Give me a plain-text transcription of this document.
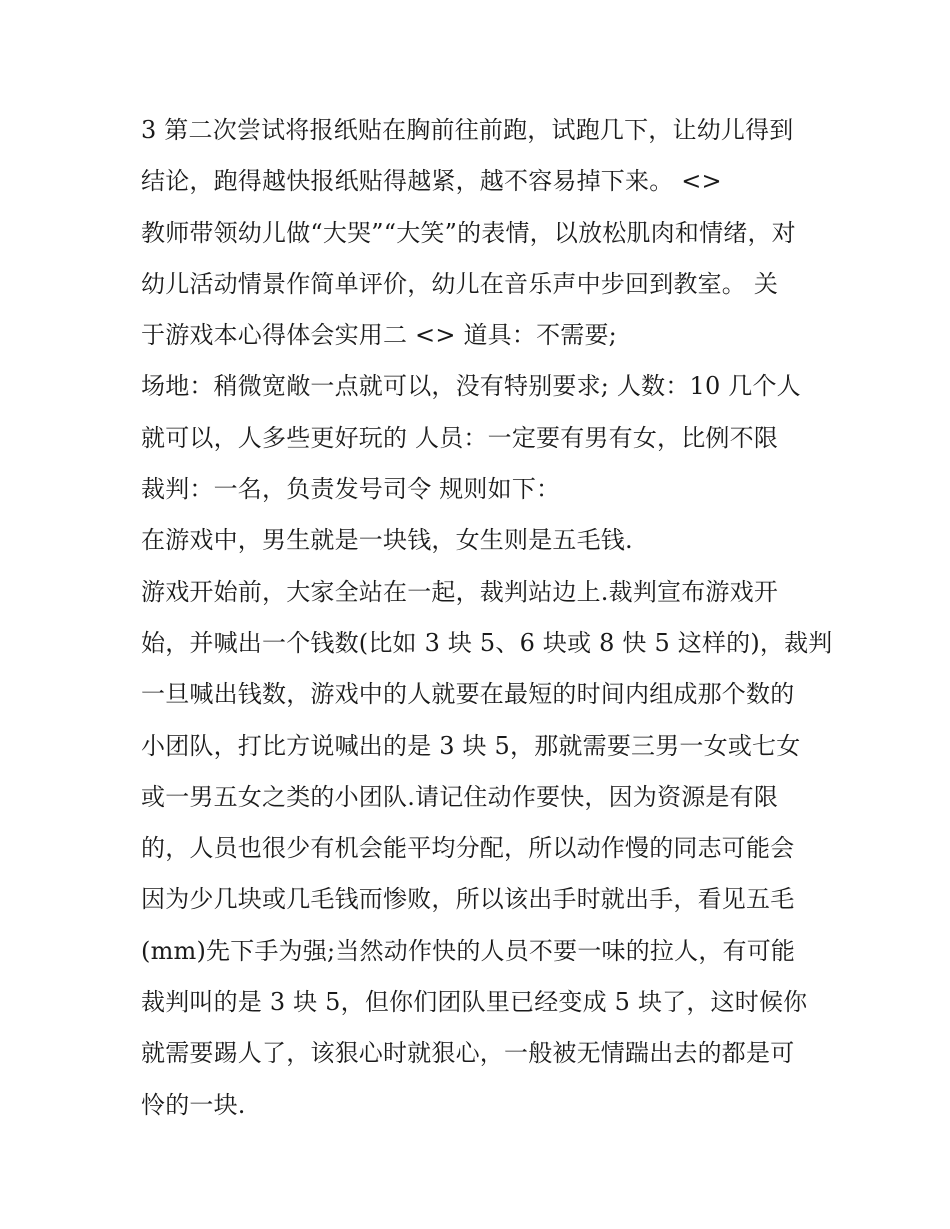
3 第二次尝试将报纸贴在胸前往前跑，试跑几下，让幼儿得到
结论，跑得越快报纸贴得越紧，越不容易掉下来。 <>
教师带领幼儿做“大哭”“大笑”的表情，以放松肌肉和情绪，对
幼儿活动情景作简单评价，幼儿在音乐声中步回到教室。 关
于游戏本心得体会实用二 <> 道具：不需要;
场地：稍微宽敞一点就可以，没有特别要求; 人数：10 几个人
就可以，人多些更好玩的 人员：一定要有男有女，比例不限
裁判：一名，负责发号司令 规则如下：
在游戏中，男生就是一块钱，女生则是五毛钱.
游戏开始前，大家全站在一起，裁判站边上.裁判宣布游戏开
始，并喊出一个钱数(比如 3 块 5、6 块或 8 快 5 这样的)，裁判
一旦喊出钱数，游戏中的人就要在最短的时间内组成那个数的
小团队，打比方说喊出的是 3 块 5，那就需要三男一女或七女
或一男五女之类的小团队.请记住动作要快，因为资源是有限
的，人员也很少有机会能平均分配，所以动作慢的同志可能会
因为少几块或几毛钱而惨败，所以该出手时就出手，看见五毛
(mm)先下手为强;当然动作快的人员不要一味的拉人，有可能
裁判叫的是 3 块 5，但你们团队里已经变成 5 块了，这时候你
就需要踢人了，该狠心时就狠心，一般被无情踹出去的都是可
怜的一块.
